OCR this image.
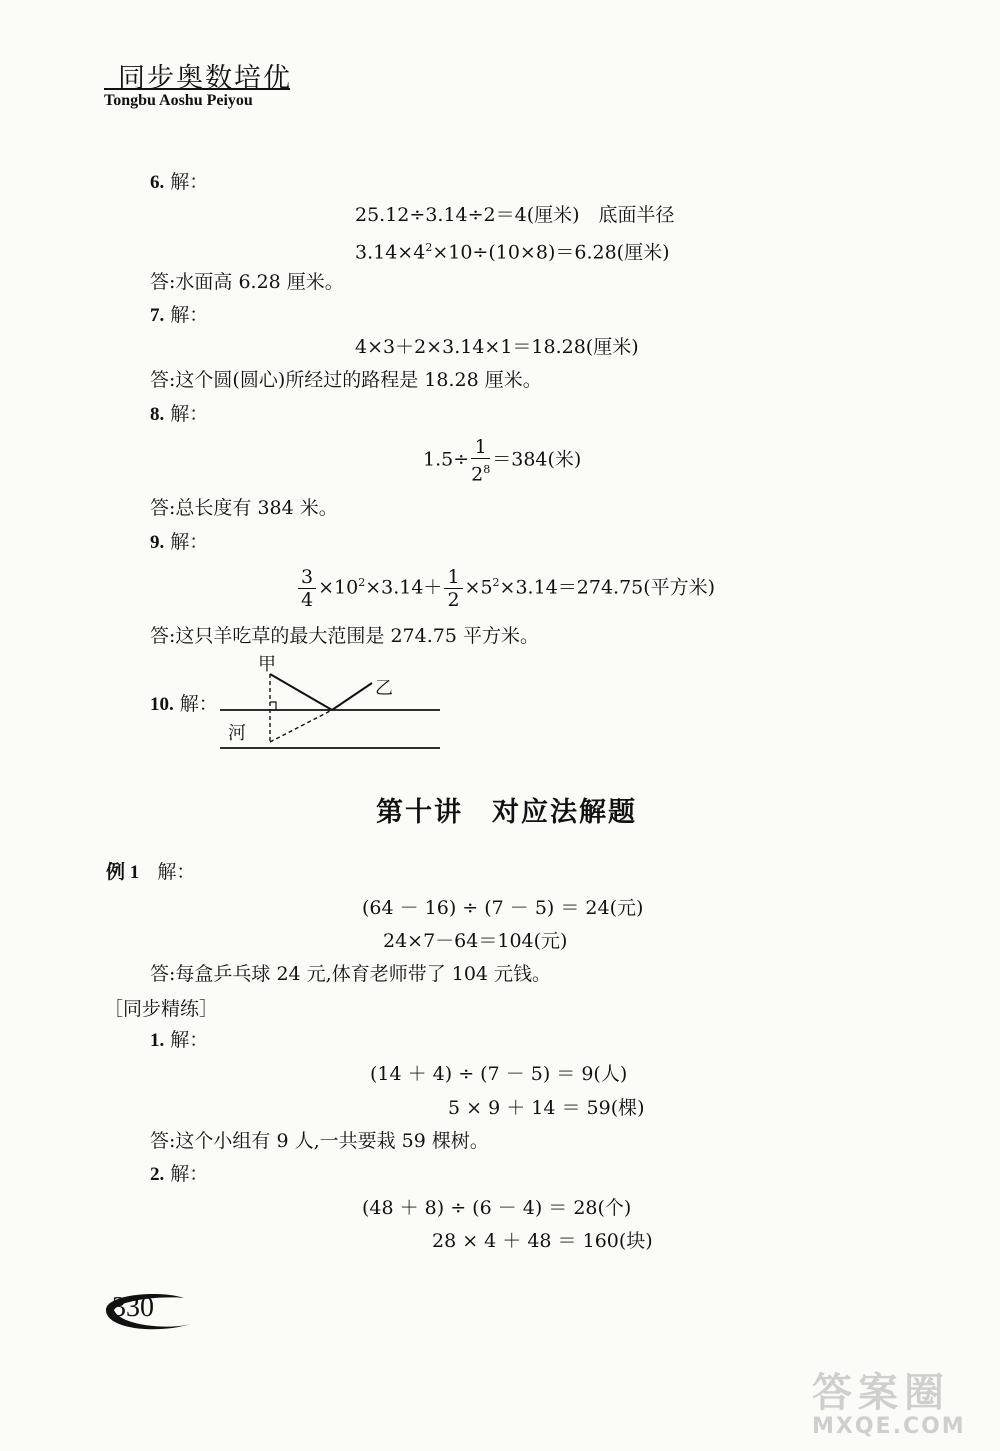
同步奥数培优
Tongbu Aoshu Peiyou
6. 解：
25.12÷3.14÷2＝4(厘米)　底面半径
$3.14\times 4^2\times 10\div(10\times 8)=6.28$(厘米)
答:水面高 6.28 厘米。
7. 解：
4×3＋2×3.14×1＝18.28(厘米)
答:这个圆(圆心)所经过的路程是 18.28 厘米。
8. 解：
$1.5\div \frac{1}{2^8} =384$(米)
答:总长度有 384 米。
9. 解：
$\frac{3}{4} \times 10^2\times 3.14+ \frac{1}{2} \times 5^2\times 3.14=274.75$(平方米)
答:这只羊吃草的最大范围是 274.75 平方米。
10. 解：
甲
乙
河
第十讲　对应法解题
例 1 解：
(64 － 16) ÷ (7 － 5) ＝ 24(元)
24×7－64＝104(元)
答:每盒乒乓球 24 元,体育老师带了 104 元钱。
［同步精练］
1. 解：
(14 ＋ 4) ÷ (7 － 5) ＝ 9(人)
5 × 9 ＋ 14 ＝ 59(棵)
答:这个小组有 9 人,一共要栽 59 棵树。
2. 解：
(48 ＋ 8) ÷ (6 － 4) ＝ 28(个)
28 × 4 ＋ 48 ＝ 160(块)
330
答案圈
MXQE.COM
